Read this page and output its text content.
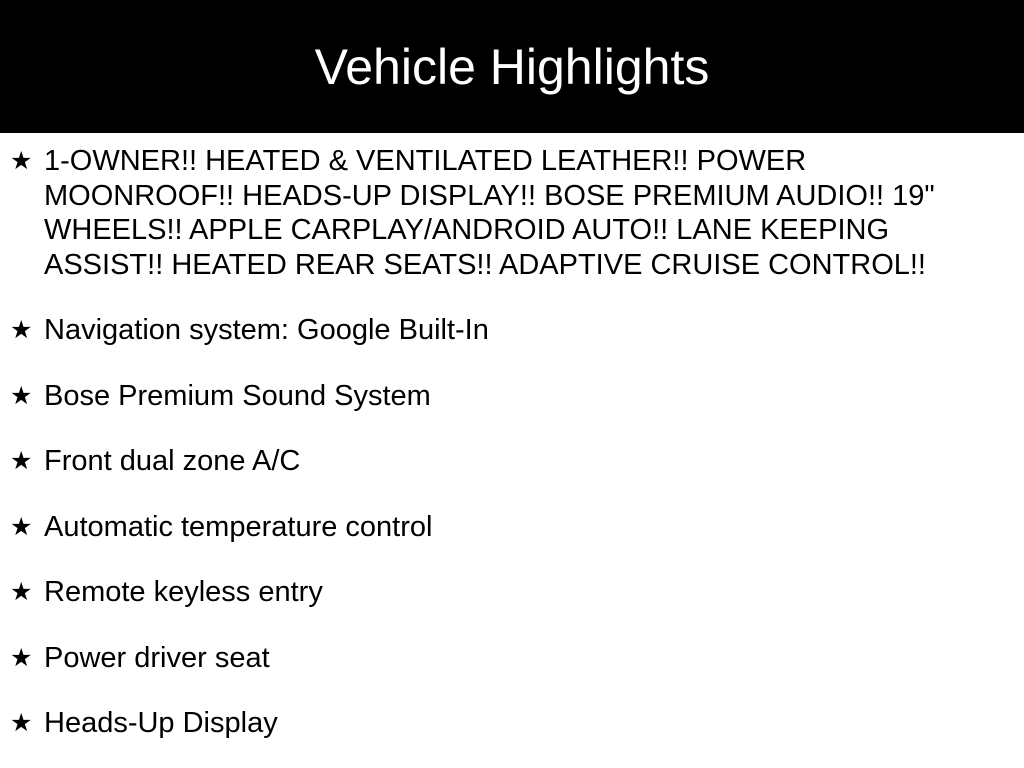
Vehicle Highlights
★ 1-OWNER!! HEATED & VENTILATED LEATHER!! POWER MOONROOF!! HEADS-UP DISPLAY!! BOSE PREMIUM AUDIO!! 19" WHEELS!! APPLE CARPLAY/ANDROID AUTO!! LANE KEEPING ASSIST!! HEATED REAR SEATS!! ADAPTIVE CRUISE CONTROL!!
★ Navigation system: Google Built-In
★ Bose Premium Sound System
★ Front dual zone A/C
★ Automatic temperature control
★ Remote keyless entry
★ Power driver seat
★ Heads-Up Display
